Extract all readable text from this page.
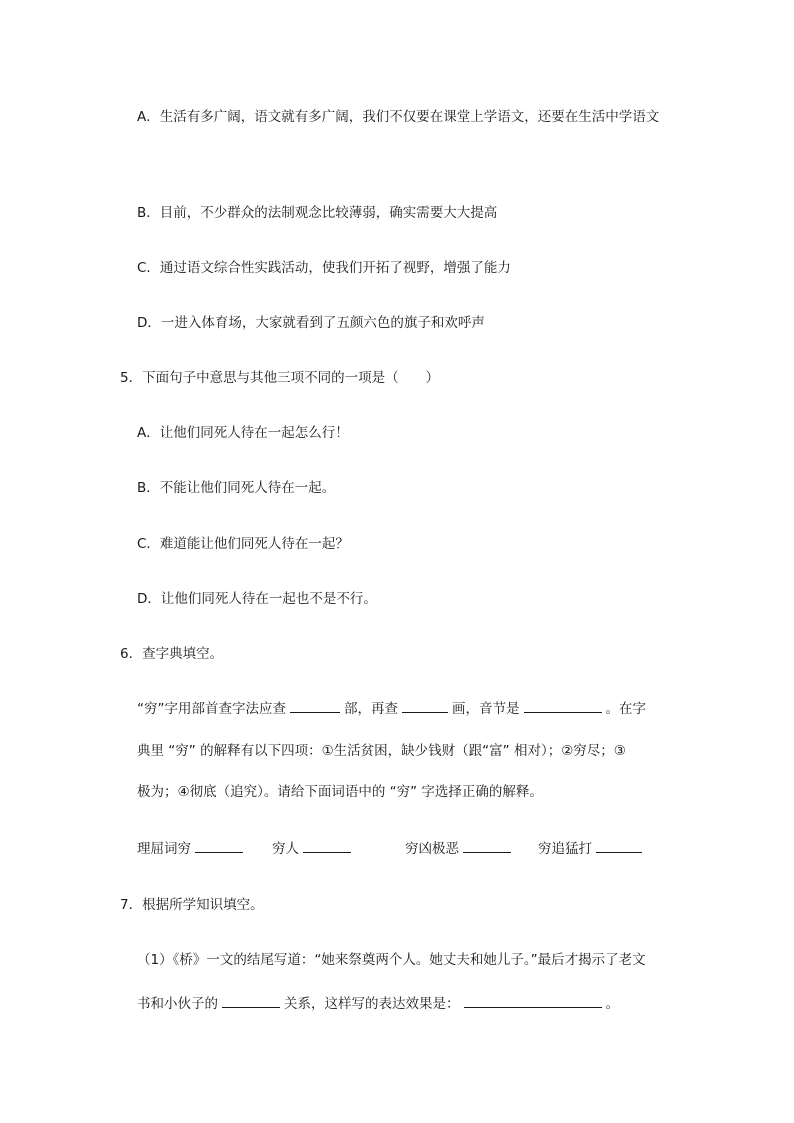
A．生活有多广阔，语文就有多广阔，我们不仅要在课堂上学语文，还要在生活中学语文
B．目前，不少群众的法制观念比较薄弱，确实需要大大提高
C．通过语文综合性实践活动，使我们开拓了视野，增强了能力
D．一进入体育场，大家就看到了五颜六色的旗子和欢呼声
5．下面句子中意思与其他三项不同的一项是（　　）
A．让他们同死人待在一起怎么行！
B．不能让他们同死人待在一起。
C．难道能让他们同死人待在一起？
D．让他们同死人待在一起也不是不行。
6．查字典填空。
“穷”字用部首查字法应查	部，再查	画，音节是	。在字
典里 “穷” 的解释有以下四项：①生活贫困，缺少钱财（跟“富” 相对）；②穷尽；③
极为；④彻底（追究）。请给下面词语中的 “穷” 字选择正确的解释。
理屈词穷	穷人	穷凶极恶	穷追猛打
7．根据所学知识填空。
（1）《桥》一文的结尾写道：“她来祭奠两个人。她丈夫和她儿子。”最后才揭示了老文
书和小伙子的	关系，这样写的表达效果是：	。
